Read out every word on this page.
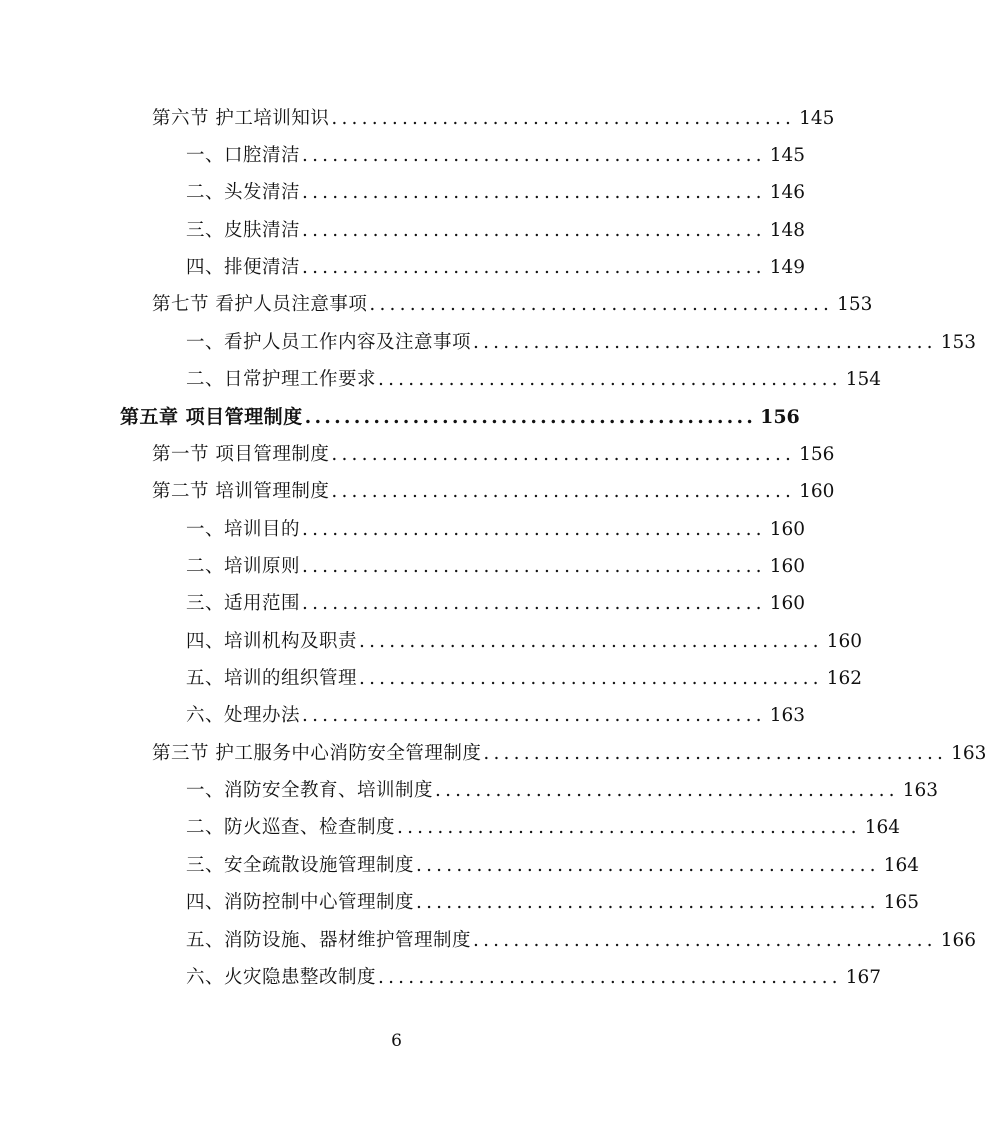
第六节 护工培训知识 .............................................. 145
一、口腔清洁 .............................................. 145
二、头发清洁 .............................................. 146
三、皮肤清洁 .............................................. 148
四、排便清洁 .............................................. 149
第七节 看护人员注意事项 .............................................. 153
一、看护人员工作内容及注意事项 .............................................. 153
二、日常护理工作要求 .............................................. 154
第五章 项目管理制度 .............................................. 156
第一节 项目管理制度 .............................................. 156
第二节 培训管理制度 .............................................. 160
一、培训目的 .............................................. 160
二、培训原则 .............................................. 160
三、适用范围 .............................................. 160
四、培训机构及职责 .............................................. 160
五、培训的组织管理 .............................................. 162
六、处理办法 .............................................. 163
第三节 护工服务中心消防安全管理制度 .............................................. 163
一、消防安全教育、培训制度 .............................................. 163
二、防火巡查、检查制度 .............................................. 164
三、安全疏散设施管理制度 .............................................. 164
四、消防控制中心管理制度 .............................................. 165
五、消防设施、器材维护管理制度 .............................................. 166
六、火灾隐患整改制度 .............................................. 167
6
